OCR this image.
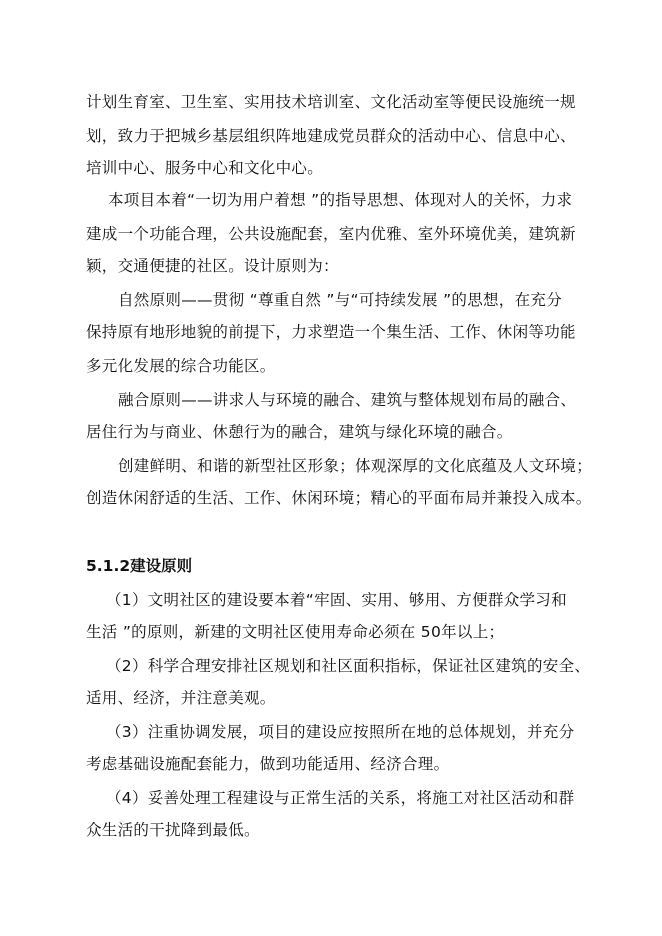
计划生育室、卫生室、实用技术培训室、文化活动室等便民设施统一规
划，致力于把城乡基层组织阵地建成党员群众的活动中心、信息中心、
培训中心、服务中心和文化中心。
本项目本着“一切为用户着想 ”的指导思想、体现对人的关怀，力求
建成一个功能合理，公共设施配套，室内优雅、室外环境优美，建筑新
颖，交通便捷的社区。设计原则为：
自然原则——贯彻 “尊重自然 ”与“可持续发展 ”的思想，在充分
保持原有地形地貌的前提下，力求塑造一个集生活、工作、休闲等功能
多元化发展的综合功能区。
融合原则——讲求人与环境的融合、建筑与整体规划布局的融合、
居住行为与商业、休憩行为的融合，建筑与绿化环境的融合。
创建鲜明、和谐的新型社区形象；体观深厚的文化底蕴及人文环境；
创造休闲舒适的生活、工作、休闲环境；精心的平面布局并兼投入成本。
5.1.2建设原则
（1）文明社区的建设要本着“牢固、实用、够用、方便群众学习和
生活 ”的原则，新建的文明社区使用寿命必须在 50年以上；
（2）科学合理安排社区规划和社区面积指标，保证社区建筑的安全、
适用、经济，并注意美观。
（3）注重协调发展，项目的建设应按照所在地的总体规划，并充分
考虑基础设施配套能力，做到功能适用、经济合理。
（4）妥善处理工程建设与正常生活的关系，将施工对社区活动和群
众生活的干扰降到最低。
